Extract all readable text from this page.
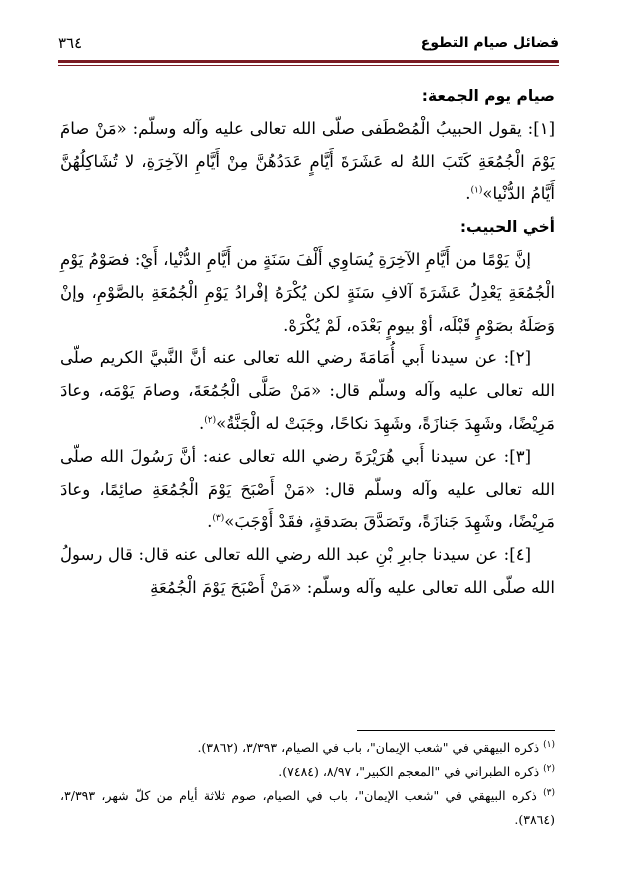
فضائل صيام التطوع
٣٦٤

صيام يوم الجمعة:

[١]: يقول الحبيبُ الْمُصْطَفى صلّى الله تعالى عليه وآله وسلّم: «مَنْ صامَ يَوْمَ الْجُمُعَةِ كَتَبَ اللهُ له عَشَرَةَ أَيَّامٍ عَدَدُهُنَّ مِنْ أَيَّامِ الآخِرَةِ، لا تُشَاكِلُهُنَّ أَيَّامُ الدُّنْيا»$^{(١)}$.

أخي الحبيب:

إنَّ يَوْمًا من أَيَّامِ الآخِرَةِ يُسَاوِي أَلْفَ سَنَةٍ من أَيَّامِ الدُّنْيا، أَيْ: فصَوْمُ يَوْمِ الْجُمُعَةِ يَعْدِلُ عَشَرَةَ آلافِ سَنَةٍ لكن يُكْرَهُ إفْرادُ يَوْمِ الْجُمُعَةِ بالصَّوْمِ، وإنْ وَصَلَهُ بصَوْمٍ قَبْلَه، أوْ بيومٍ بَعْدَه، لَمْ يُكْرَهْ.

[٢]: عن سيدنا أَبي أُمَامَةَ رضي الله تعالى عنه أنَّ النَّبيَّ الكريم صلّى الله تعالى عليه وآله وسلّم قال: «مَنْ صَلَّى الْجُمُعَةَ، وصامَ يَوْمَه، وعادَ مَرِيْضًا، وشَهِدَ جَنازَةً، وشَهِدَ نكاحًا، وجَبَتْ له الْجَنَّةُ»$^{(٢)}$.

[٣]: عن سيدنا أَبي هُرَيْرَةَ رضي الله تعالى عنه: أنَّ رَسُولَ الله صلّى الله تعالى عليه وآله وسلّم قال: «مَنْ أَصْبَحَ يَوْمَ الْجُمُعَةِ صائِمًا، وعادَ مَرِيْضًا، وشَهِدَ جَنازَةً، وتَصَدَّقَ بصَدقةٍ، فقَدْ أَوْجَبَ»$^{(٣)}$.

[٤]: عن سيدنا جابرِ بْنِ عبد الله رضي الله تعالى عنه قال: قال رسولُ الله صلّى الله تعالى عليه وآله وسلّم: «مَنْ أَصْبَحَ يَوْمَ الْجُمُعَةِ

$^{(١)}$ ذكره البيهقي في "شعب الإيمان"، باب في الصيام، ٣/٣٩٣، (٣٨٦٢).

$^{(٢)}$ ذكره الطبراني في "المعجم الكبير"، ٨/٩٧، (٧٤٨٤).

$^{(٣)}$ ذكره البيهقي في "شعب الإيمان"، باب في الصيام، صوم ثلاثة أيام من كلّ شهر، ٣/٣٩٣، (٣٨٦٤).
